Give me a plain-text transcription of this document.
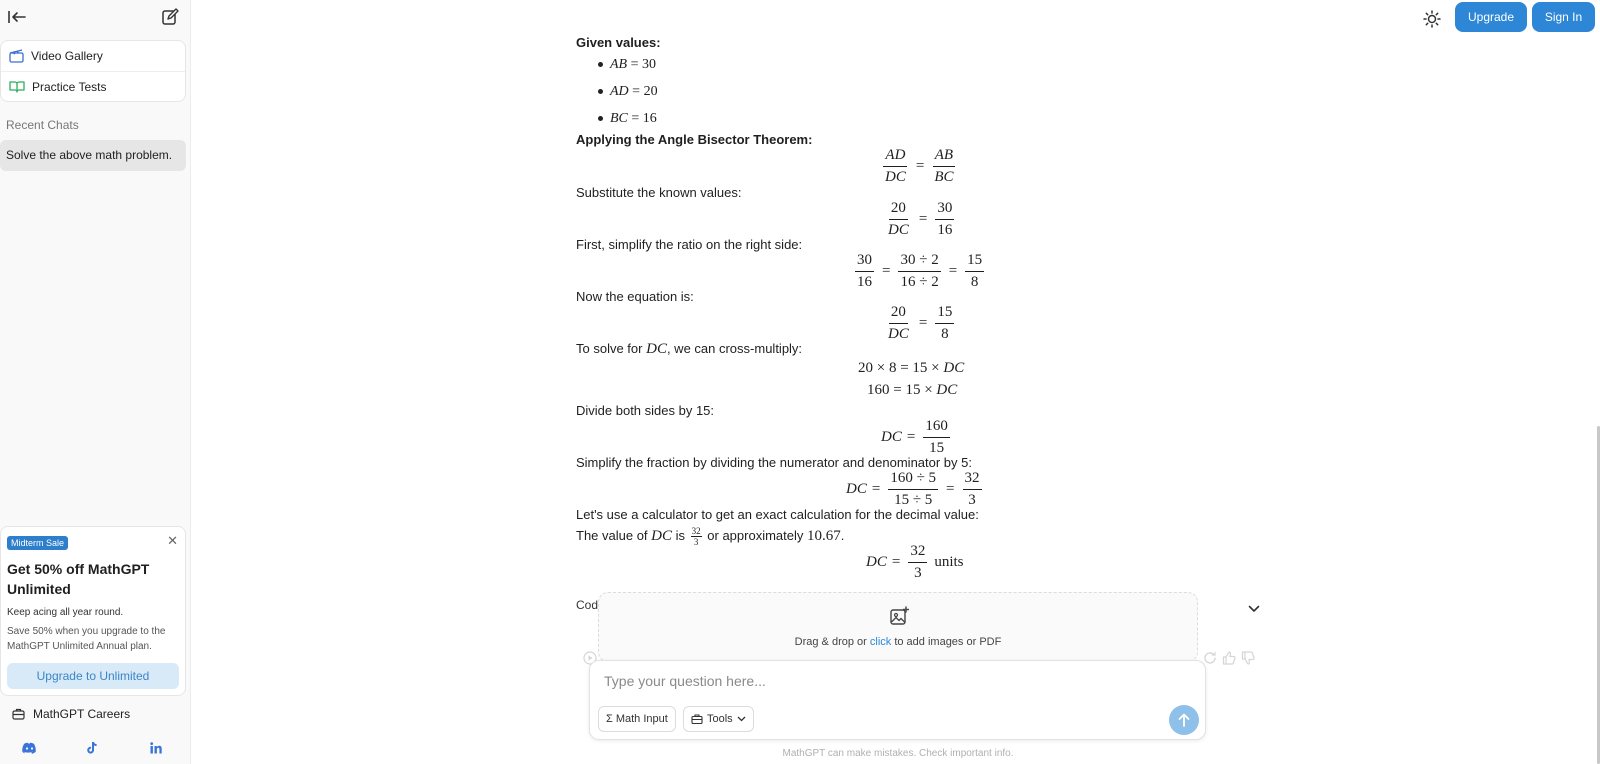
Video Gallery
Practice Tests
Recent Chats
Solve the above math problem.
Midterm Sale	✕
Get 50% off MathGPT Unlimited
Keep acing all year round.
Save 50% when you upgrade to the MathGPT Unlimited Annual plan.
Upgrade to Unlimited
MathGPT Careers
Upgrade	Sign In
Given values:
AB = 30
AD = 20
BC = 16
Applying the Angle Bisector Theorem:
$\frac{AD}{DC} = \frac{AB}{BC}$
Substitute the known values:
$\frac{20}{DC} = \frac{30}{16}$
First, simplify the ratio on the right side:
$\frac{30}{16} = \frac{30 \div 2}{16 \div 2} = \frac{15}{8}$
Now the equation is:
$\frac{20}{DC} = \frac{15}{8}$
To solve for DC, we can cross-multiply:
20 × 8 = 15 × DC
160 = 15 × DC
Divide both sides by 15:
DC = $\frac{160}{15}$
Simplify the fraction by dividing the numerator and denominator by 5:
DC = $\frac{160 \div 5}{15 \div 5} = \frac{32}{3}$
Let's use a calculator to get an exact calculation for the decimal value:
The value of DC is $\frac{32}{3}$ or approximately 10.67.
DC = $\frac{32}{3}$ units
Cod
Drag & drop or click to add images or PDF
Type your question here...
Σ Math Input	Tools
MathGPT can make mistakes. Check important info.
